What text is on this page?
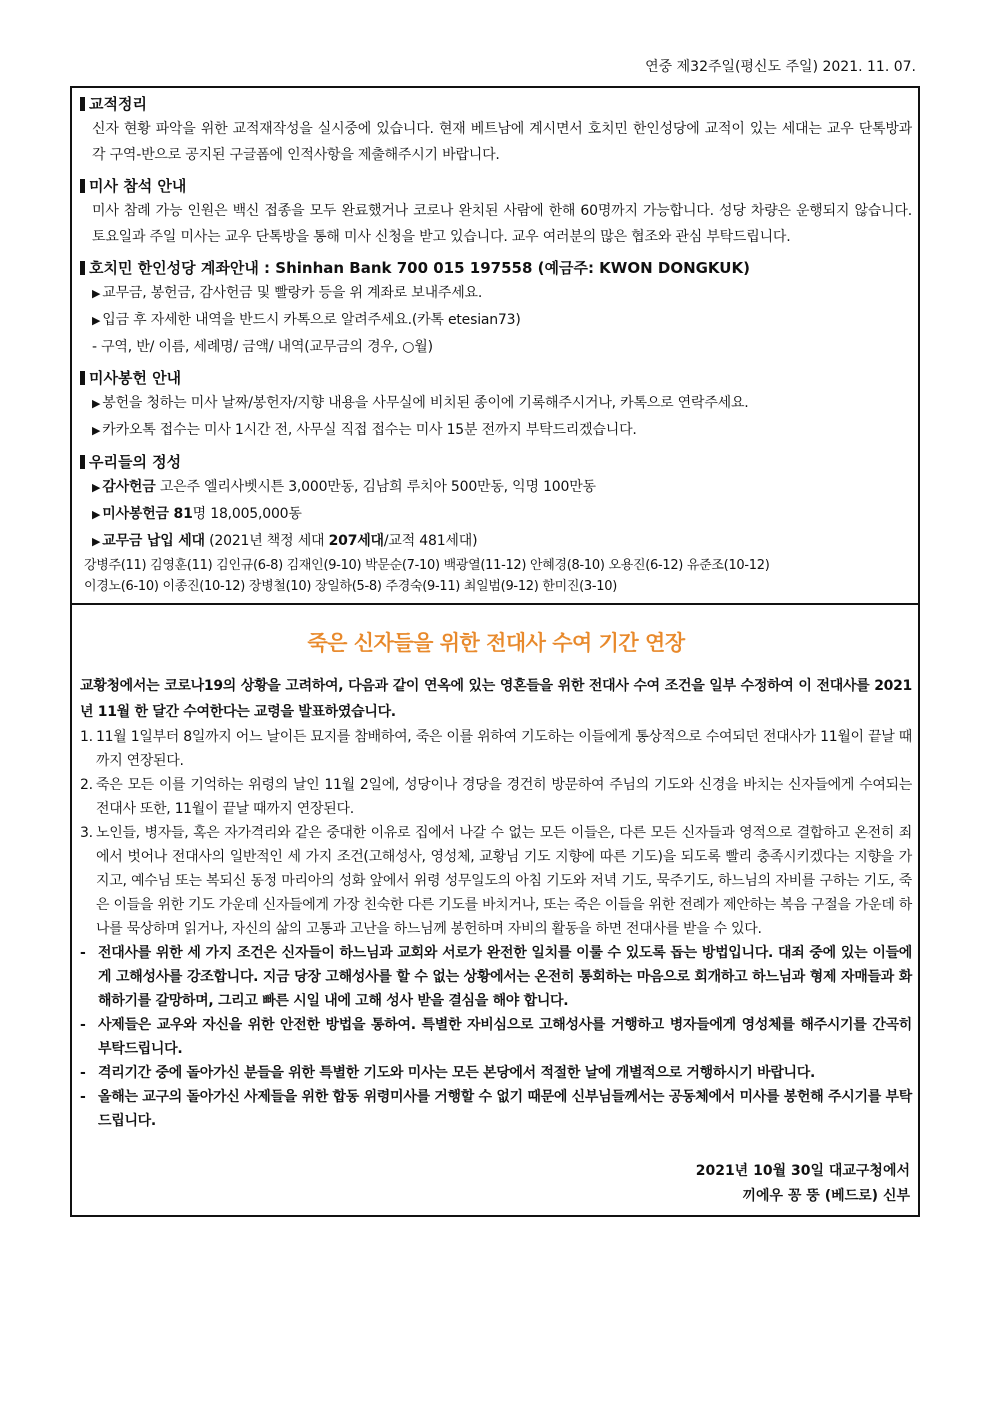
연중 제32주일(평신도 주일) 2021. 11. 07.
교적정리
신자 현황 파악을 위한 교적재작성을 실시중에 있습니다. 현재 베트남에 계시면서 호치민 한인성당에 교적이 있는 세대는 교우 단톡방과 각 구역-반으로 공지된 구글폼에 인적사항을 제출해주시기 바랍니다.
미사 참석 안내
미사 참례 가능 인원은 백신 접종을 모두 완료했거나 코로나 완치된 사람에 한해 60명까지 가능합니다. 성당 차량은 운행되지 않습니다. 토요일과 주일 미사는 교우 단톡방을 통해 미사 신청을 받고 있습니다. 교우 여러분의 많은 협조와 관심 부탁드립니다.
호치민 한인성당 계좌안내 : Shinhan Bank 700 015 197558 (예금주: KWON DONGKUK)
▶ 교무금, 봉헌금, 감사헌금 및 빨랑카 등을 위 계좌로 보내주세요.
▶ 입금 후 자세한 내역을 반드시 카톡으로 알려주세요.(카톡 etesian73)
- 구역, 반/ 이름, 세례명/ 금액/ 내역(교무금의 경우, ○월)
미사봉헌 안내
▶ 봉헌을 청하는 미사 날짜/봉헌자/지향 내용을 사무실에 비치된 종이에 기록해주시거나, 카톡으로 연락주세요.
▶ 카카오톡 접수는 미사 1시간 전, 사무실 직접 접수는 미사 15분 전까지 부탁드리겠습니다.
우리들의 정성
▶ 감사헌금 고은주 엘리사벳시튼 3,000만동, 김남희 루치아 500만동, 익명 100만동
▶ 미사봉헌금 81명 18,005,000동
▶ 교무금 납입 세대 (2021년 책정 세대 207세대/교적 481세대)
강병주(11) 김영훈(11) 김인규(6-8) 김재인(9-10) 박문순(7-10) 백광열(11-12) 안혜경(8-10) 오용진(6-12) 유준조(10-12)
이경노(6-10) 이종진(10-12) 장병철(10) 장일하(5-8) 주경숙(9-11) 최일범(9-12) 한미진(3-10)
죽은 신자들을 위한 전대사 수여 기간 연장
교황청에서는 코로나19의 상황을 고려하여, 다음과 같이 연옥에 있는 영혼들을 위한 전대사 수여 조건을 일부 수정하여 이 전대사를 2021년 11월 한 달간 수여한다는 교령을 발표하였습니다.
1. 11월 1일부터 8일까지 어느 날이든 묘지를 참배하여, 죽은 이를 위하여 기도하는 이들에게 통상적으로 수여되던 전대사가 11월이 끝날 때까지 연장된다.
2. 죽은 모든 이를 기억하는 위령의 날인 11월 2일에, 성당이나 경당을 경건히 방문하여 주님의 기도와 신경을 바치는 신자들에게 수여되는 전대사 또한, 11월이 끝날 때까지 연장된다.
3. 노인들, 병자들, 혹은 자가격리와 같은 중대한 이유로 집에서 나갈 수 없는 모든 이들은, 다른 모든 신자들과 영적으로 결합하고 온전히 죄에서 벗어나 전대사의 일반적인 세 가지 조건(고해성사, 영성체, 교황님 기도 지향에 따른 기도)을 되도록 빨리 충족시키겠다는 지향을 가지고, 예수님 또는 복되신 동정 마리아의 성화 앞에서 위령 성무일도의 아침 기도와 저녁 기도, 묵주기도, 하느님의 자비를 구하는 기도, 죽은 이들을 위한 기도 가운데 신자들에게 가장 친숙한 다른 기도를 바치거나, 또는 죽은 이들을 위한 전례가 제안하는 복음 구절을 가운데 하나를 묵상하며 읽거나, 자신의 삶의 고통과 고난을 하느님께 봉헌하며 자비의 활동을 하면 전대사를 받을 수 있다.
- 전대사를 위한 세 가지 조건은 신자들이 하느님과 교회와 서로가 완전한 일치를 이룰 수 있도록 돕는 방법입니다. 대죄 중에 있는 이들에게 고해성사를 강조합니다. 지금 당장 고해성사를 할 수 없는 상황에서는 온전히 통회하는 마음으로 회개하고 하느님과 형제 자매들과 화해하기를 갈망하며, 그리고 빠른 시일 내에 고해 성사 받을 결심을 해야 합니다.
- 사제들은 교우와 자신을 위한 안전한 방법을 통하여. 특별한 자비심으로 고해성사를 거행하고 병자들에게 영성체를 해주시기를 간곡히 부탁드립니다.
- 격리기간 중에 돌아가신 분들을 위한 특별한 기도와 미사는 모든 본당에서 적절한 날에 개별적으로 거행하시기 바랍니다.
- 올해는 교구의 돌아가신 사제들을 위한 합동 위령미사를 거행할 수 없기 때문에 신부님들께서는 공동체에서 미사를 봉헌해 주시기를 부탁드립니다.
2021년 10월 30일 대교구청에서
끼에우 꽁 뚱 (베드로) 신부
